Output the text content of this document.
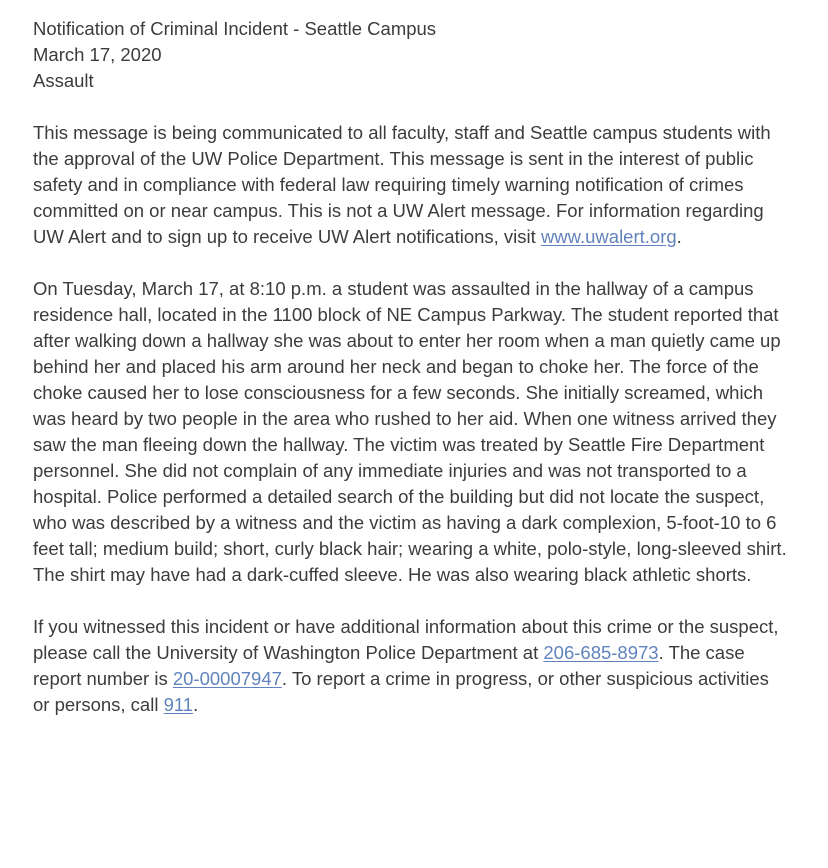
Notification of Criminal Incident - Seattle Campus
March 17, 2020
Assault

This message is being communicated to all faculty, staff and Seattle campus students with the approval of the UW Police Department. This message is sent in the interest of public safety and in compliance with federal law requiring timely warning notification of crimes committed on or near campus. This is not a UW Alert message. For information regarding UW Alert and to sign up to receive UW Alert notifications, visit www.uwalert.org.

On Tuesday, March 17, at 8:10 p.m. a student was assaulted in the hallway of a campus residence hall, located in the 1100 block of NE Campus Parkway. The student reported that after walking down a hallway she was about to enter her room when a man quietly came up behind her and placed his arm around her neck and began to choke her. The force of the choke caused her to lose consciousness for a few seconds. She initially screamed, which was heard by two people in the area who rushed to her aid. When one witness arrived they saw the man fleeing down the hallway. The victim was treated by Seattle Fire Department personnel. She did not complain of any immediate injuries and was not transported to a hospital. Police performed a detailed search of the building but did not locate the suspect, who was described by a witness and the victim as having a dark complexion, 5-foot-10 to 6 feet tall; medium build; short, curly black hair; wearing a white, polo-style, long-sleeved shirt. The shirt may have had a dark-cuffed sleeve. He was also wearing black athletic shorts.

If you witnessed this incident or have additional information about this crime or the suspect, please call the University of Washington Police Department at 206-685-8973. The case report number is 20-00007947. To report a crime in progress, or other suspicious activities or persons, call 911.
